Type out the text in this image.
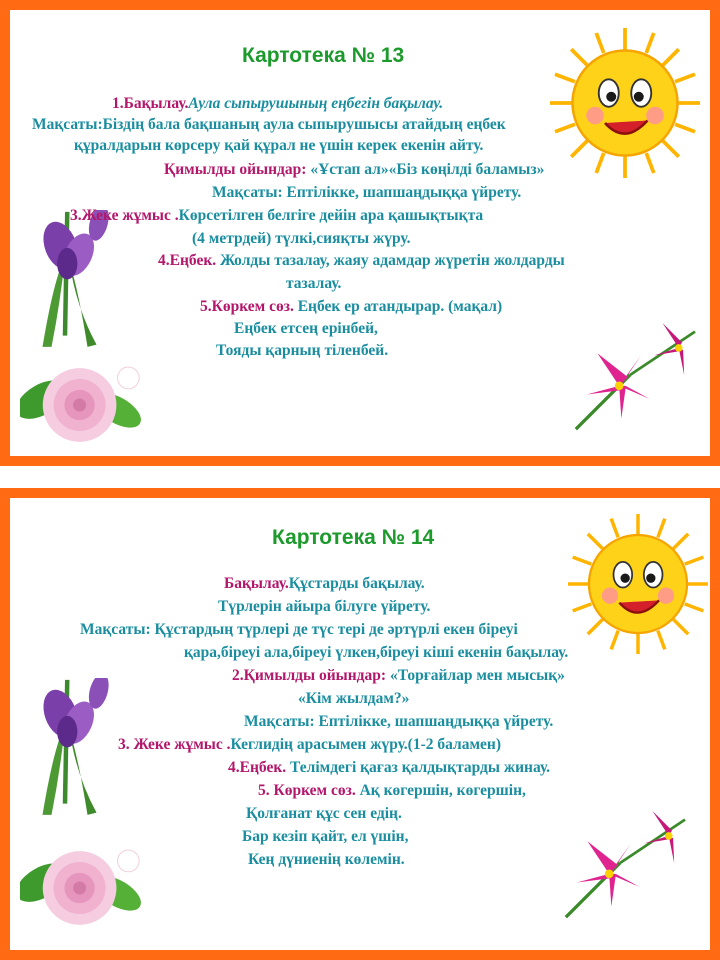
Картотека № 13
1.Бақылау.Аула сыпырушының еңбегін бақылау.
Мақсаты:Біздің бала бақшаның аула сыпырушысы атайдың еңбек
құралдарын көрсеру қай құрал не үшін керек екенін айту.
Қимылды ойындар: «Ұстап ал»«Біз көңілді баламыз»
Мақсаты: Ептілікке, шапшаңдыққа үйрету.
3.Жеке жұмыс .Көрсетілген белгіге дейін ара қашықтықта
(4 метрдей) түлкі,сияқты жүру.
4.Еңбек. Жолды тазалау, жаяу адамдар жүретін жолдарды
тазалау.
5.Көркем сөз. Еңбек ер атандырар. (мақал)
Еңбек етсең ерінбей,
Тояды қарның тіленбей.
Картотека № 14
Бақылау.Құстарды бақылау.
Түрлерін айыра білуге үйрету.
Мақсаты: Құстардың түрлері де түс тері де әртүрлі екен біреуі
қара,біреуі ала,біреуі үлкен,біреуі кіші екенін бақылау.
2.Қимылды ойындар: «Торғайлар мен мысық»
«Кім жылдам?»
Мақсаты: Ептілікке, шапшаңдыққа үйрету.
3. Жеке жұмыс .Кеглидің арасымен жүру.(1-2 баламен)
4.Еңбек. Телімдегі қағаз қалдықтарды жинау.
5. Көркем сөз. Ақ көгершін, көгершін,
Қолғанат құс сен едің.
Бар кезіп қайт, ел үшін,
Кең дүниенің көлемін.
